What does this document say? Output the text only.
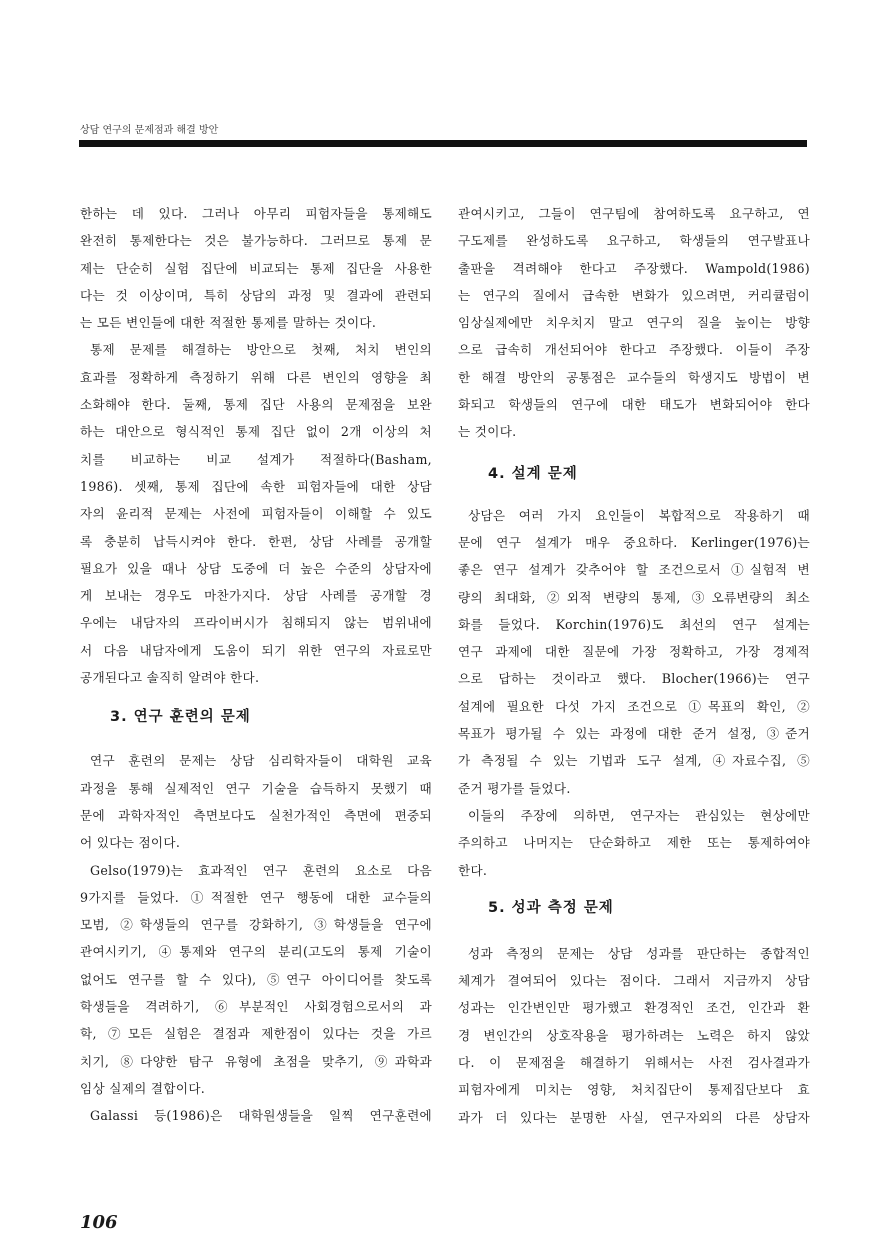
상담 연구의 문제점과 해결 방안

한하는 데 있다. 그러나 아무리 피험자들을 통제해도

완전히 통제한다는 것은 불가능하다. 그러므로 통제 문

제는 단순히 실험 집단에 비교되는 통제 집단을 사용한

다는 것 이상이며, 특히 상담의 과정 및 결과에 관련되

는 모든 변인들에 대한 적절한 통제를 말하는 것이다.

통제 문제를 해결하는 방안으로 첫째, 처치 변인의

효과를 정확하게 측정하기 위해 다른 변인의 영향을 최

소화해야 한다. 둘째, 통제 집단 사용의 문제점을 보완

하는 대안으로 형식적인 통제 집단 없이 2개 이상의 처

치를 비교하는 비교 설계가 적절하다(Basham,

1986). 셋째, 통제 집단에 속한 피험자들에 대한 상담

자의 윤리적 문제는 사전에 피험자들이 이해할 수 있도

록 충분히 납득시켜야 한다. 한편, 상담 사례를 공개할

필요가 있을 때나 상담 도중에 더 높은 수준의 상담자에

게 보내는 경우도 마찬가지다. 상담 사례를 공개할 경

우에는 내담자의 프라이버시가 침해되지 않는 범위내에

서 다음 내담자에게 도움이 되기 위한 연구의 자료로만

공개된다고 솔직히 알려야 한다.

3. 연구 훈련의 문제

연구 훈련의 문제는 상담 심리학자들이 대학원 교육

과정을 통해 실제적인 연구 기술을 습득하지 못했기 때

문에 과학자적인 측면보다도 실천가적인 측면에 편중되

어 있다는 점이다.

Gelso(1979)는 효과적인 연구 훈련의 요소로 다음

9가지를 들었다. ①적절한 연구 행동에 대한 교수들의

모범, ②학생들의 연구를 강화하기, ③학생들을 연구에

관여시키기, ④통제와 연구의 분리(고도의 통제 기술이

없어도 연구를 할 수 있다), ⑤연구 아이디어를 찾도록

학생들을 격려하기, ⑥부분적인 사회경험으로서의 과

학, ⑦모든 실험은 결점과 제한점이 있다는 것을 가르

치기, ⑧다양한 탐구 유형에 초점을 맞추기, ⑨과학과

임상 실제의 결합이다.

Galassi 등(1986)은 대학원생들을 일찍 연구훈련에

관여시키고, 그들이 연구팀에 참여하도록 요구하고, 연

구도제를 완성하도록 요구하고, 학생들의 연구발표나

출판을 격려해야 한다고 주장했다. Wampold(1986)

는 연구의 질에서 급속한 변화가 있으려면, 커리큘럼이

임상실제에만 치우치지 말고 연구의 질을 높이는 방향

으로 급속히 개선되어야 한다고 주장했다. 이들이 주장

한 해결 방안의 공통점은 교수들의 학생지도 방법이 변

화되고 학생들의 연구에 대한 태도가 변화되어야 한다

는 것이다.

4. 설계 문제

상담은 여러 가지 요인들이 복합적으로 작용하기 때

문에 연구 설계가 매우 중요하다. Kerlinger(1976)는

좋은 연구 설계가 갖추어야 할 조건으로서 ①실험적 변

량의 최대화, ②외적 변량의 통제, ③오류변량의 최소

화를 들었다. Korchin(1976)도 최선의 연구 설계는

연구 과제에 대한 질문에 가장 정확하고, 가장 경제적

으로 답하는 것이라고 했다. Blocher(1966)는 연구

설계에 필요한 다섯 가지 조건으로 ①목표의 확인, ②

목표가 평가될 수 있는 과정에 대한 준거 설정, ③준거

가 측정될 수 있는 기법과 도구 설계, ④자료수집, ⑤

준거 평가를 들었다.

이들의 주장에 의하면, 연구자는 관심있는 현상에만

주의하고 나머지는 단순화하고 제한 또는 통제하여야

한다.

5. 성과 측정 문제

성과 측정의 문제는 상담 성과를 판단하는 종합적인

체계가 결여되어 있다는 점이다. 그래서 지금까지 상담

성과는 인간변인만 평가했고 환경적인 조건, 인간과 환

경 변인간의 상호작용을 평가하려는 노력은 하지 않았

다. 이 문제점을 해결하기 위해서는 사전 검사결과가

피험자에게 미치는 영향, 처치집단이 통제집단보다 효

과가 더 있다는 분명한 사실, 연구자외의 다른 상담자

106
